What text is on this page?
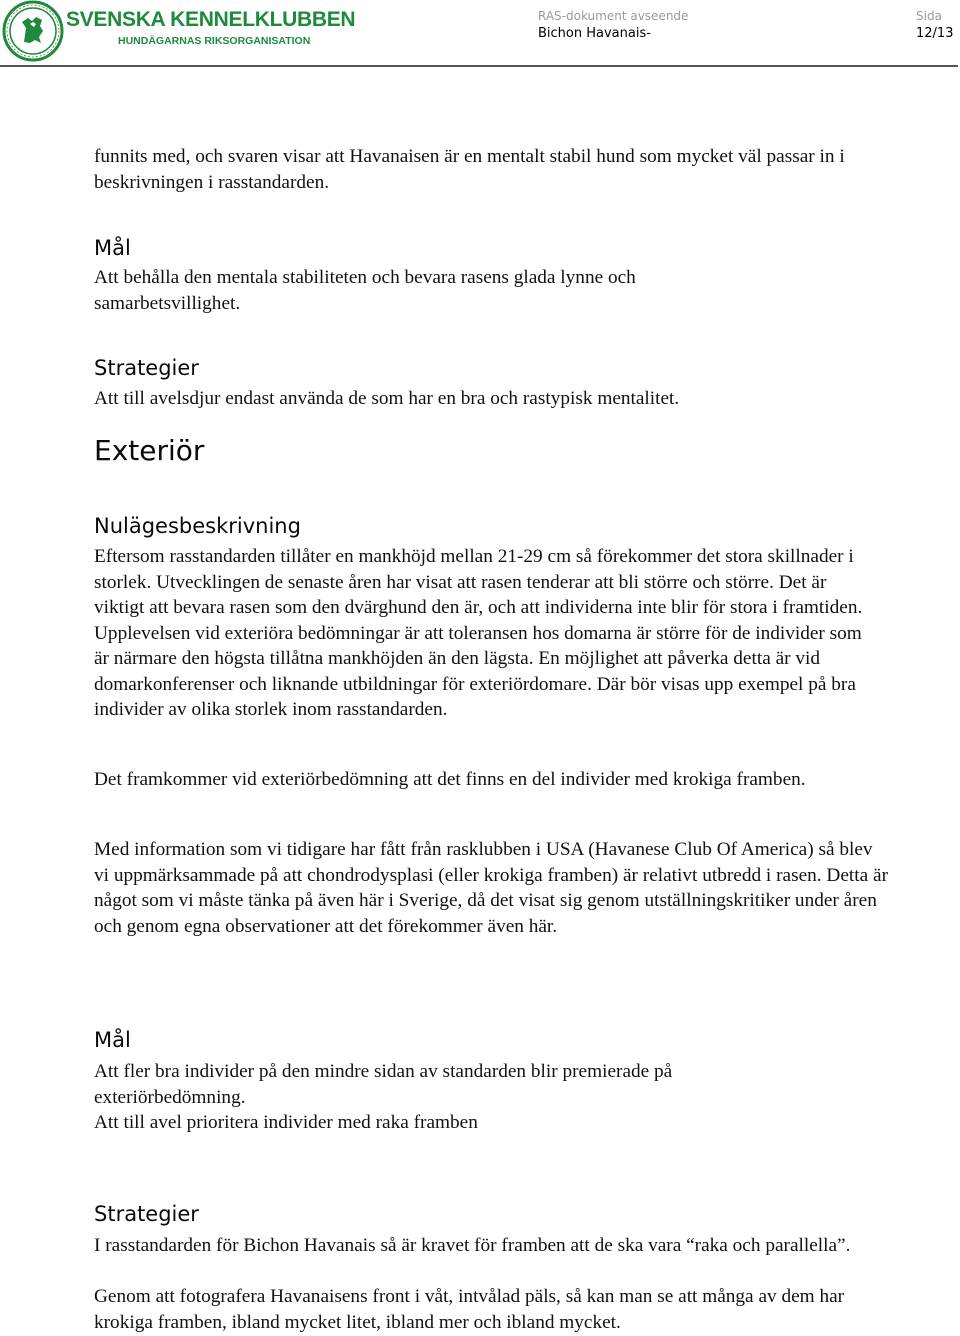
SVENSKA KENNELKLUBBEN
HUNDÄGARNAS RIKSORGANISATION
RAS-dokument avseende
Bichon Havanais-
Sida
12/13

funnits med, och svaren visar att Havanaisen är en mentalt stabil hund som mycket väl passar in i beskrivningen i rasstandarden.

Mål

Att behålla den mentala stabiliteten och bevara rasens glada lynne och samarbetsvillighet.

Strategier

Att till avelsdjur endast använda de som har en bra och rastypisk mentalitet.

Exteriör
Nulägesbeskrivning

Eftersom rasstandarden tillåter en mankhöjd mellan 21-29 cm så förekommer det stora skillnader i storlek. Utvecklingen de senaste åren har visat att rasen tenderar att bli större och större. Det är viktigt att bevara rasen som den dvärghund den är, och att individerna inte blir för stora i framtiden. Upplevelsen vid exteriöra bedömningar är att toleransen hos domarna är större för de individer som är närmare den högsta tillåtna mankhöjden än den lägsta. En möjlighet att påverka detta är vid domarkonferenser och liknande utbildningar för exteriördomare. Där bör visas upp exempel på bra individer av olika storlek inom rasstandarden.

Det framkommer vid exteriörbedömning att det finns en del individer med krokiga framben.

Med information som vi tidigare har fått från rasklubben i USA (Havanese Club Of America) så blev vi uppmärksammade på att chondrodysplasi (eller krokiga framben) är relativt utbredd i rasen. Detta är något som vi måste tänka på även här i Sverige, då det visat sig genom utställningskritiker under åren och genom egna observationer att det förekommer även här.

Mål

Att fler bra individer på den mindre sidan av standarden blir premierade på exteriörbedömning.

Att till avel prioritera individer med raka framben

Strategier

I rasstandarden för Bichon Havanais så är kravet för framben att de ska vara “raka och parallella”.

Genom att fotografera Havanaisens front i våt, intvålad päls, så kan man se att många av dem har krokiga framben, ibland mycket litet, ibland mer och ibland mycket.
